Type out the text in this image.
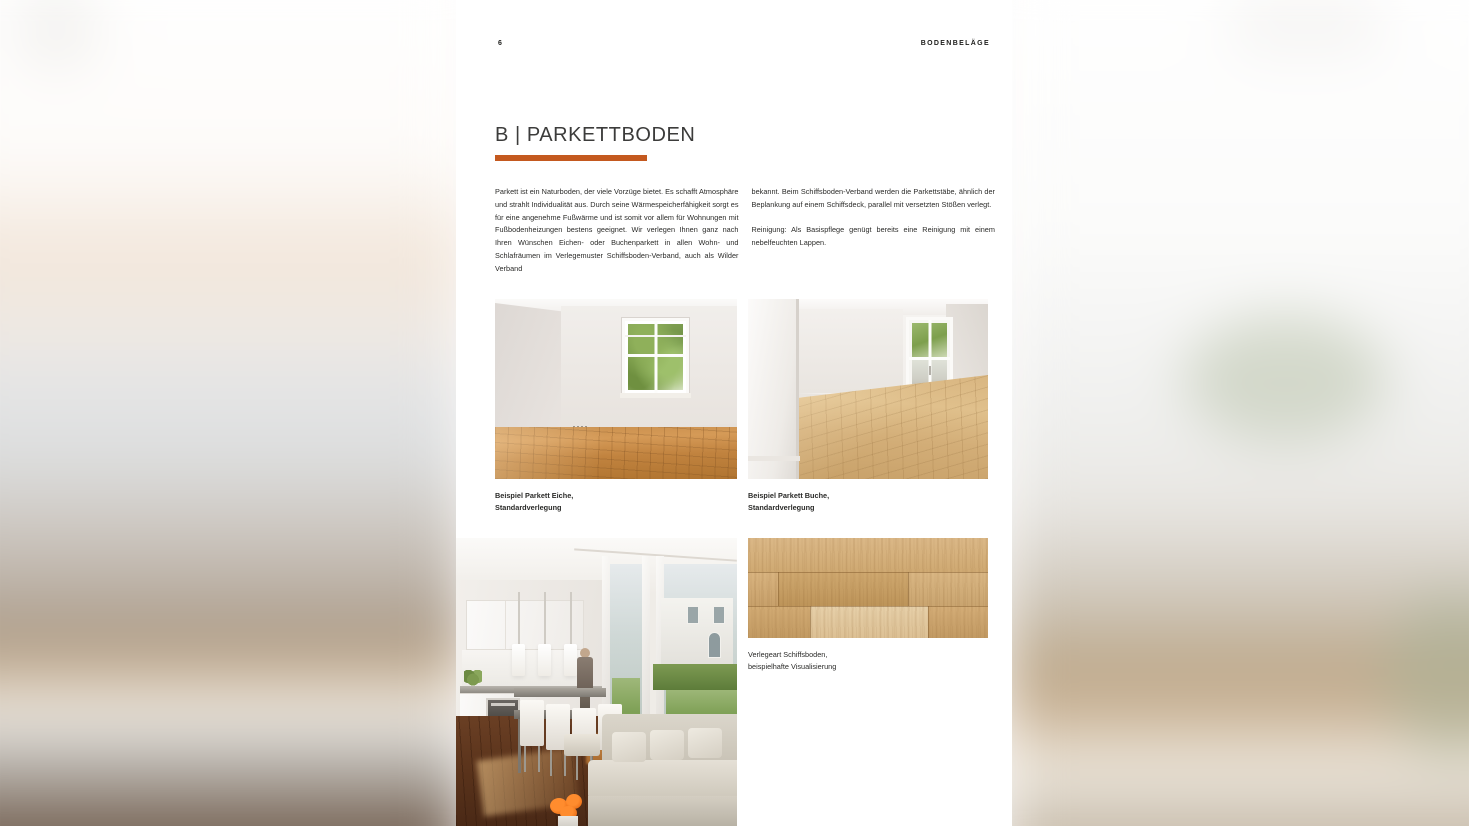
6	BODENBELÄGE
B | PARKETTBODEN

Parkett ist ein Naturboden, der viele Vorzüge bietet. Es schafft Atmosphäre und strahlt Individualität aus. Durch seine Wärmespeicherfähigkeit sorgt es für eine angenehme Fußwärme und ist somit vor allem für Wohnungen mit Fußbodenheizungen bestens geeignet. Wir verlegen Ihnen ganz nach Ihren Wünschen Eichen- oder Buchenparkett in allen Wohn- und Schlafräumen im Verlegemuster Schiffsboden-Verband, auch als Wilder Verband

bekannt. Beim Schiffsboden-Verband werden die Parkettstäbe, ähnlich der Beplankung auf einem Schiffsdeck, parallel mit versetzten Stößen verlegt.

Reinigung: Als Basispflege genügt bereits eine Reinigung mit einem nebelfeuchten Lappen.

Beispiel Parkett Eiche,
Standardverlegung
Beispiel Parkett Buche,
Standardverlegung
Verlegeart Schiffsboden,
beispielhafte Visualisierung
